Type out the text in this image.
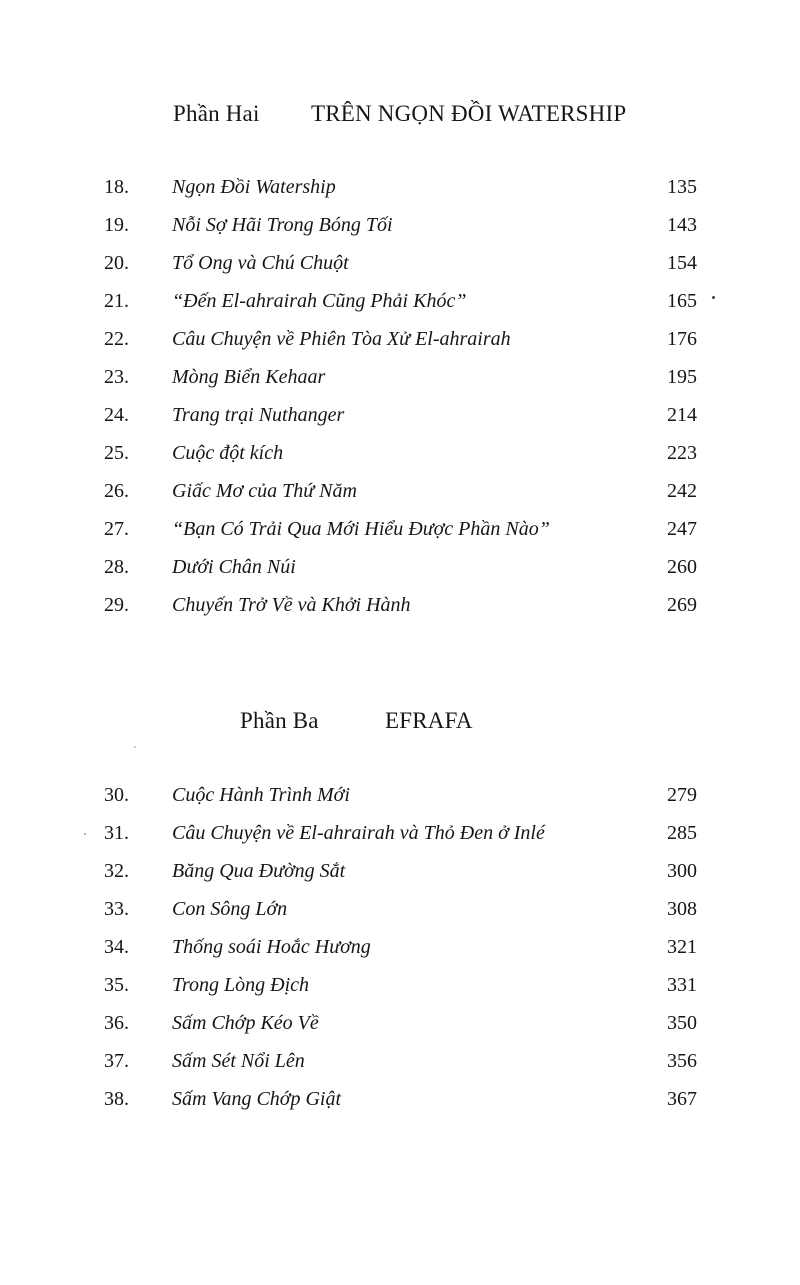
Phần Hai TRÊN NGỌN ĐỒI WATERSHIP
18. Ngọn Đồi Watership	135
19. Nỗi Sợ Hãi Trong Bóng Tối	143
20. Tổ Ong và Chú Chuột	154
21. “Đến El-ahrairah Cũng Phải Khóc”	165
22. Câu Chuyện về Phiên Tòa Xử El-ahrairah	176
23. Mòng Biển Kehaar	195
24. Trang trại Nuthanger	214
25. Cuộc đột kích	223
26. Giấc Mơ của Thứ Năm	242
27. “Bạn Có Trải Qua Mới Hiểu Được Phần Nào”	247
28. Dưới Chân Núi	260
29. Chuyến Trở Về và Khởi Hành	269
Phần Ba	EFRAFA
30. Cuộc Hành Trình Mới	279
31. Câu Chuyện về El-ahrairah và Thỏ Đen ở Inlé	285
32. Băng Qua Đường Sắt	300
33. Con Sông Lớn	308
34. Thống soái Hoắc Hương	321
35. Trong Lòng Địch	331
36. Sấm Chớp Kéo Về	350
37. Sấm Sét Nổi Lên	356
38. Sấm Vang Chớp Giật	367
